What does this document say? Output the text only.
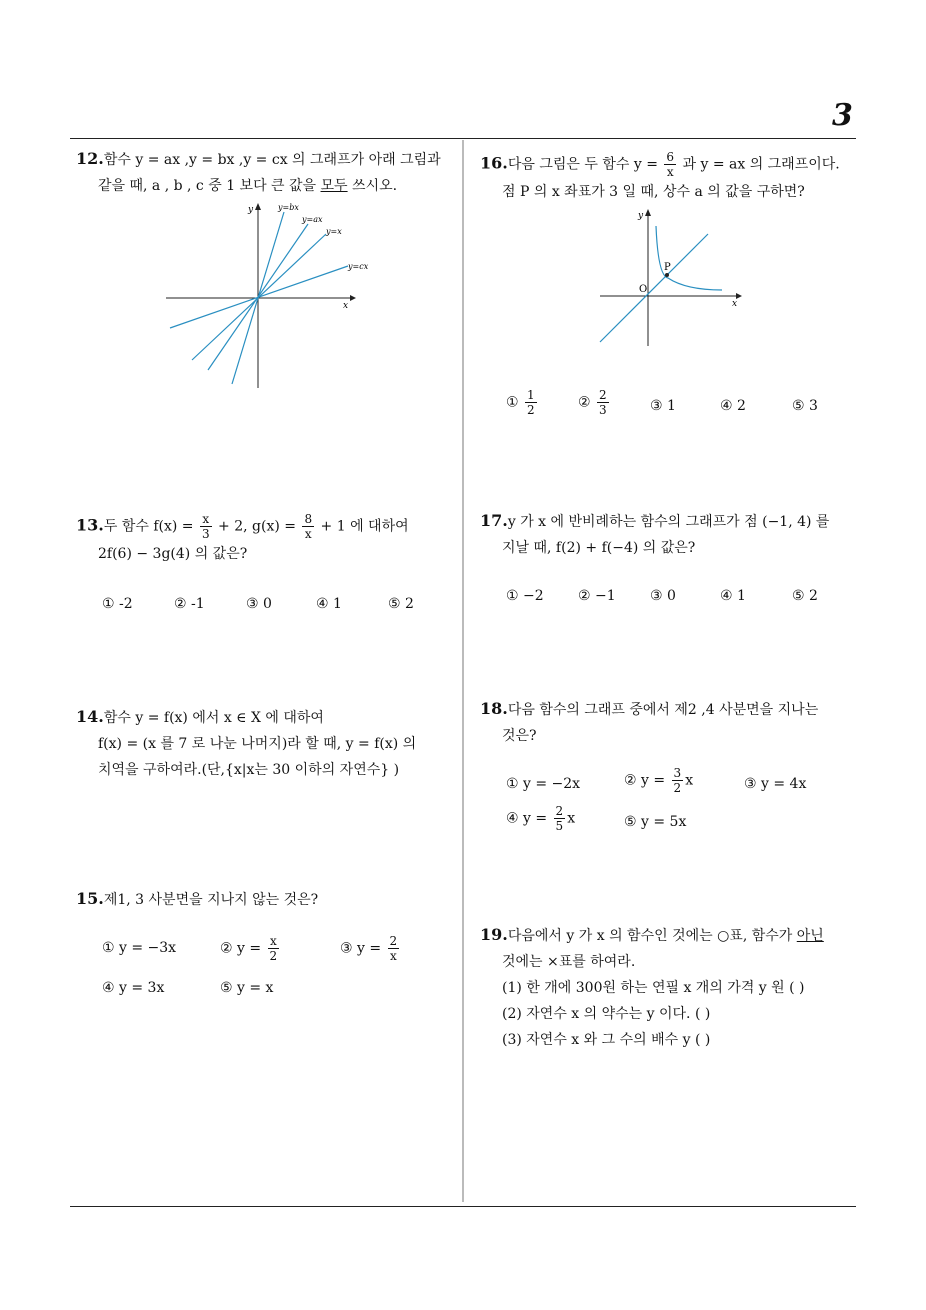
3
12.함수 y = ax ,y = bx ,y = cx 의 그래프가 아래 그림과
같을 때, a , b , c 중 1 보다 큰 값을 모두 쓰시오.
y
x
y=bx
y=ax
y=x
y=cx
13.두 함수 $f(x) = \frac{x}{3} + 2$, $g(x) = \frac{8}{x} + 1$ 에 대하여
2f(6) − 3g(4) 의 값은?
① -2	② -1	③ 0	④ 1	⑤ 2
14.함수 y = f(x) 에서 x ∈ X 에 대하여
f(x) = (x 를 7 로 나눈 나머지)라 할 때, y = f(x) 의
치역을 구하여라.(단,{x|x는 30 이하의 자연수} )
15.제1, 3 사분면을 지나지 않는 것은?
① y = −3x	② $y = \frac{x}{2}$	③ $y = \frac{2}{x}$
④ y = 3x	⑤ y = x
16.다음 그림은 두 함수 $y = \frac{6}{x}$ 과 y = ax 의 그래프이다.
점 P 의 x 좌표가 3 일 때, 상수 a 의 값을 구하면?
y
x
O
P
① $\frac{1}{2}$	② $\frac{2}{3}$	③ 1	④ 2	⑤ 3
17.y 가 x 에 반비례하는 함수의 그래프가 점 (−1, 4) 를
지날 때, f(2) + f(−4) 의 값은?
① −2 ② −1 ③ 0	④ 1	⑤ 2
18.다음 함수의 그래프 중에서 제2 ,4 사분면을 지나는
것은?
① y = −2x	② $y = \frac{3}{2}$ x	③ y = 4x
④ $y = \frac{2}{5}$ x	⑤ y = 5x
19.다음에서 y 가 x 의 함수인 것에는 ○표, 함수가 아닌
것에는 ×표를 하여라.
(1) 한 개에 300원 하는 연필 x 개의 가격 y 원 ( )
(2) 자연수 x 의 약수는 y 이다. ( )
(3) 자연수 x 와 그 수의 배수 y ( )
